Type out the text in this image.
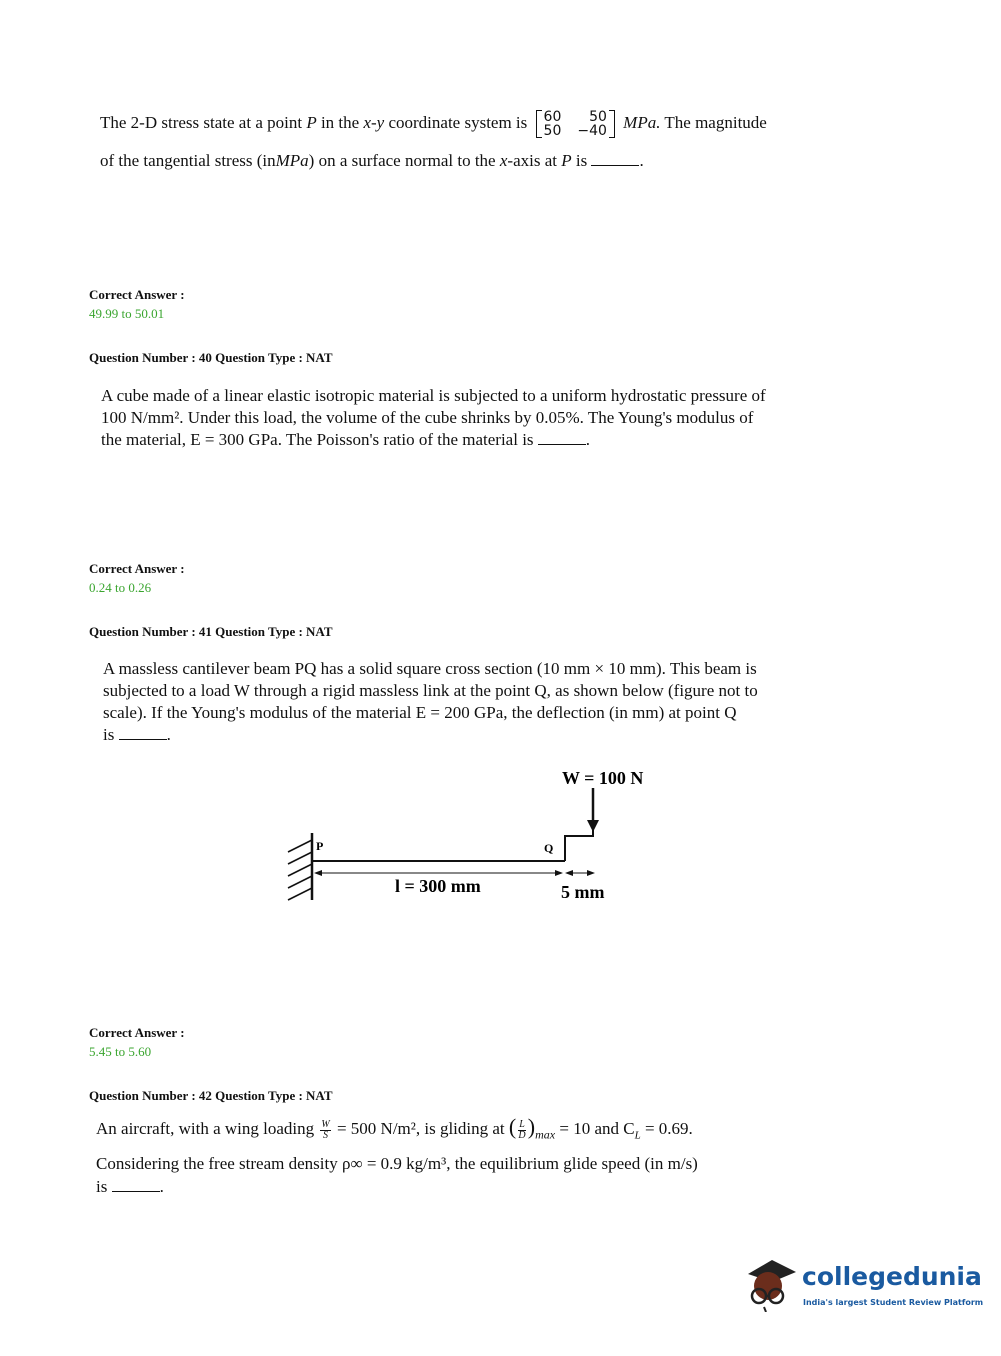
The 2-D stress state at a point P in the x-y coordinate system is 60	50
50 −40 MPa. The magnitude
of the tangential stress (inMPa) on a surface normal to the x-axis at P is	.
Correct Answer :
49.99 to 50.01
Question Number : 40 Question Type : NAT
A cube made of a linear elastic isotropic material is subjected to a uniform hydrostatic pressure of
100 N/mm². Under this load, the volume of the cube shrinks by 0.05%. The Young's modulus of
the material, E = 300 GPa. The Poisson's ratio of the material is	.
Correct Answer :
0.24 to 0.26
Question Number : 41 Question Type : NAT
A massless cantilever beam PQ has a solid square cross section (10 mm × 10 mm). This beam is
subjected to a load W through a rigid massless link at the point Q, as shown below (figure not to
scale). If the Young's modulus of the material E = 200 GPa, the deflection (in mm) at point Q
is	.
W = 100 N
P	Q
l = 300 mm	5 mm
Correct Answer :
5.45 to 5.60
Question Number : 42 Question Type : NAT
An aircraft, with a wing loading $\frac{W}{S} = 500$ N/m², is gliding at ( $\frac{L}{D} )_{max} = 10$ and $C_L = 0.69$.
Considering the free stream density ρ∞ = 0.9 kg/m³, the equilibrium glide speed (in m/s)
is	.
collegedunia
India's largest Student Review Platform
